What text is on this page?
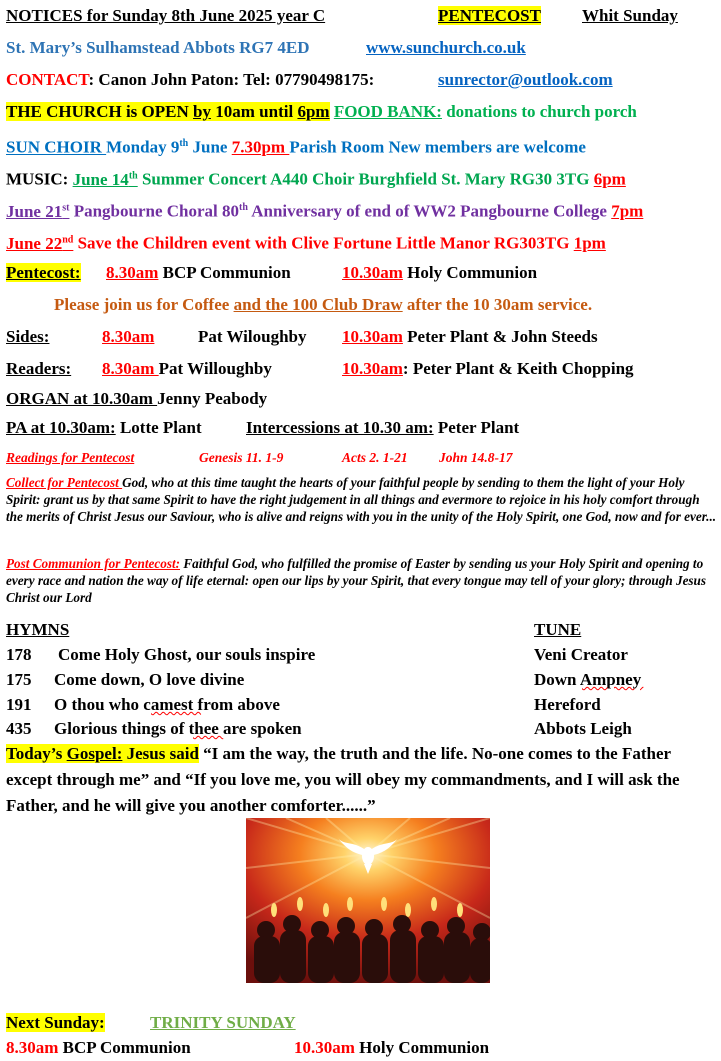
NOTICES for Sunday 8th June 2025 year C	PENTECOST Whit Sunday
St. Mary’s Sulhamstead Abbots RG7 4ED	www.sunchurch.co.uk
CONTACT: Canon John Paton: Tel: 07790498175:	sunrector@outlook.com
THE CHURCH is OPEN by 10am until 6pm FOOD BANK: donations to church porch
SUN CHOIR Monday 9th June 7.30pm Parish Room New members are welcome
MUSIC: June 14th Summer Concert A440 Choir Burghfield St. Mary RG30 3TG 6pm
June 21st Pangbourne Choral 80th Anniversary of end of WW2 Pangbourne College 7pm
June 22nd Save the Children event with Clive Fortune Little Manor RG303TG 1pm
Pentecost: 8.30am BCP Communion	10.30am Holy Communion
Please join us for Coffee and the 100 Club Draw after the 10 30am service.
Sides:	8.30am	Pat Wiloughby 10.30am Peter Plant & John Steeds
Readers: 8.30am Pat Willoughby	10.30am: Peter Plant & Keith Chopping
ORGAN at 10.30am Jenny Peabody
PA at 10.30am: Lotte Plant	Intercessions at 10.30 am: Peter Plant
Readings for Pentecost	Genesis 11. 1-9	Acts 2. 1-21 John 14.8-17
Collect for Pentecost God, who at this time taught the hearts of your faithful people by sending to them the light of your Holy Spirit: grant us by that same Spirit to have the right judgement in all things and evermore to rejoice in his holy comfort through the merits of Christ Jesus our Saviour, who is alive and reigns with you in the unity of the Holy Spirit, one God, now and for ever...
Post Communion for Pentecost: Faithful God, who fulfilled the promise of Easter by sending us your Holy Spirit and opening to every race and nation the way of life eternal: open our lips by your Spirit, that every tongue may tell of your glory; through Jesus Christ our Lord
HYMNS	TUNE
178 Come Holy Ghost, our souls inspire	Veni Creator
175 Come down, O love divine	Down Ampney
191 O thou who camest from above	Hereford
435 Glorious things of thee are spoken	Abbots Leigh
Today’s Gospel: Jesus said “I am the way, the truth and the life. No-one comes to the Father except through me” and “If you love me, you will obey my commandments, and I will ask the Father, and he will give you another comforter......”
Next Sunday:	TRINITY SUNDAY
8.30am BCP Communion	10.30am Holy Communion
